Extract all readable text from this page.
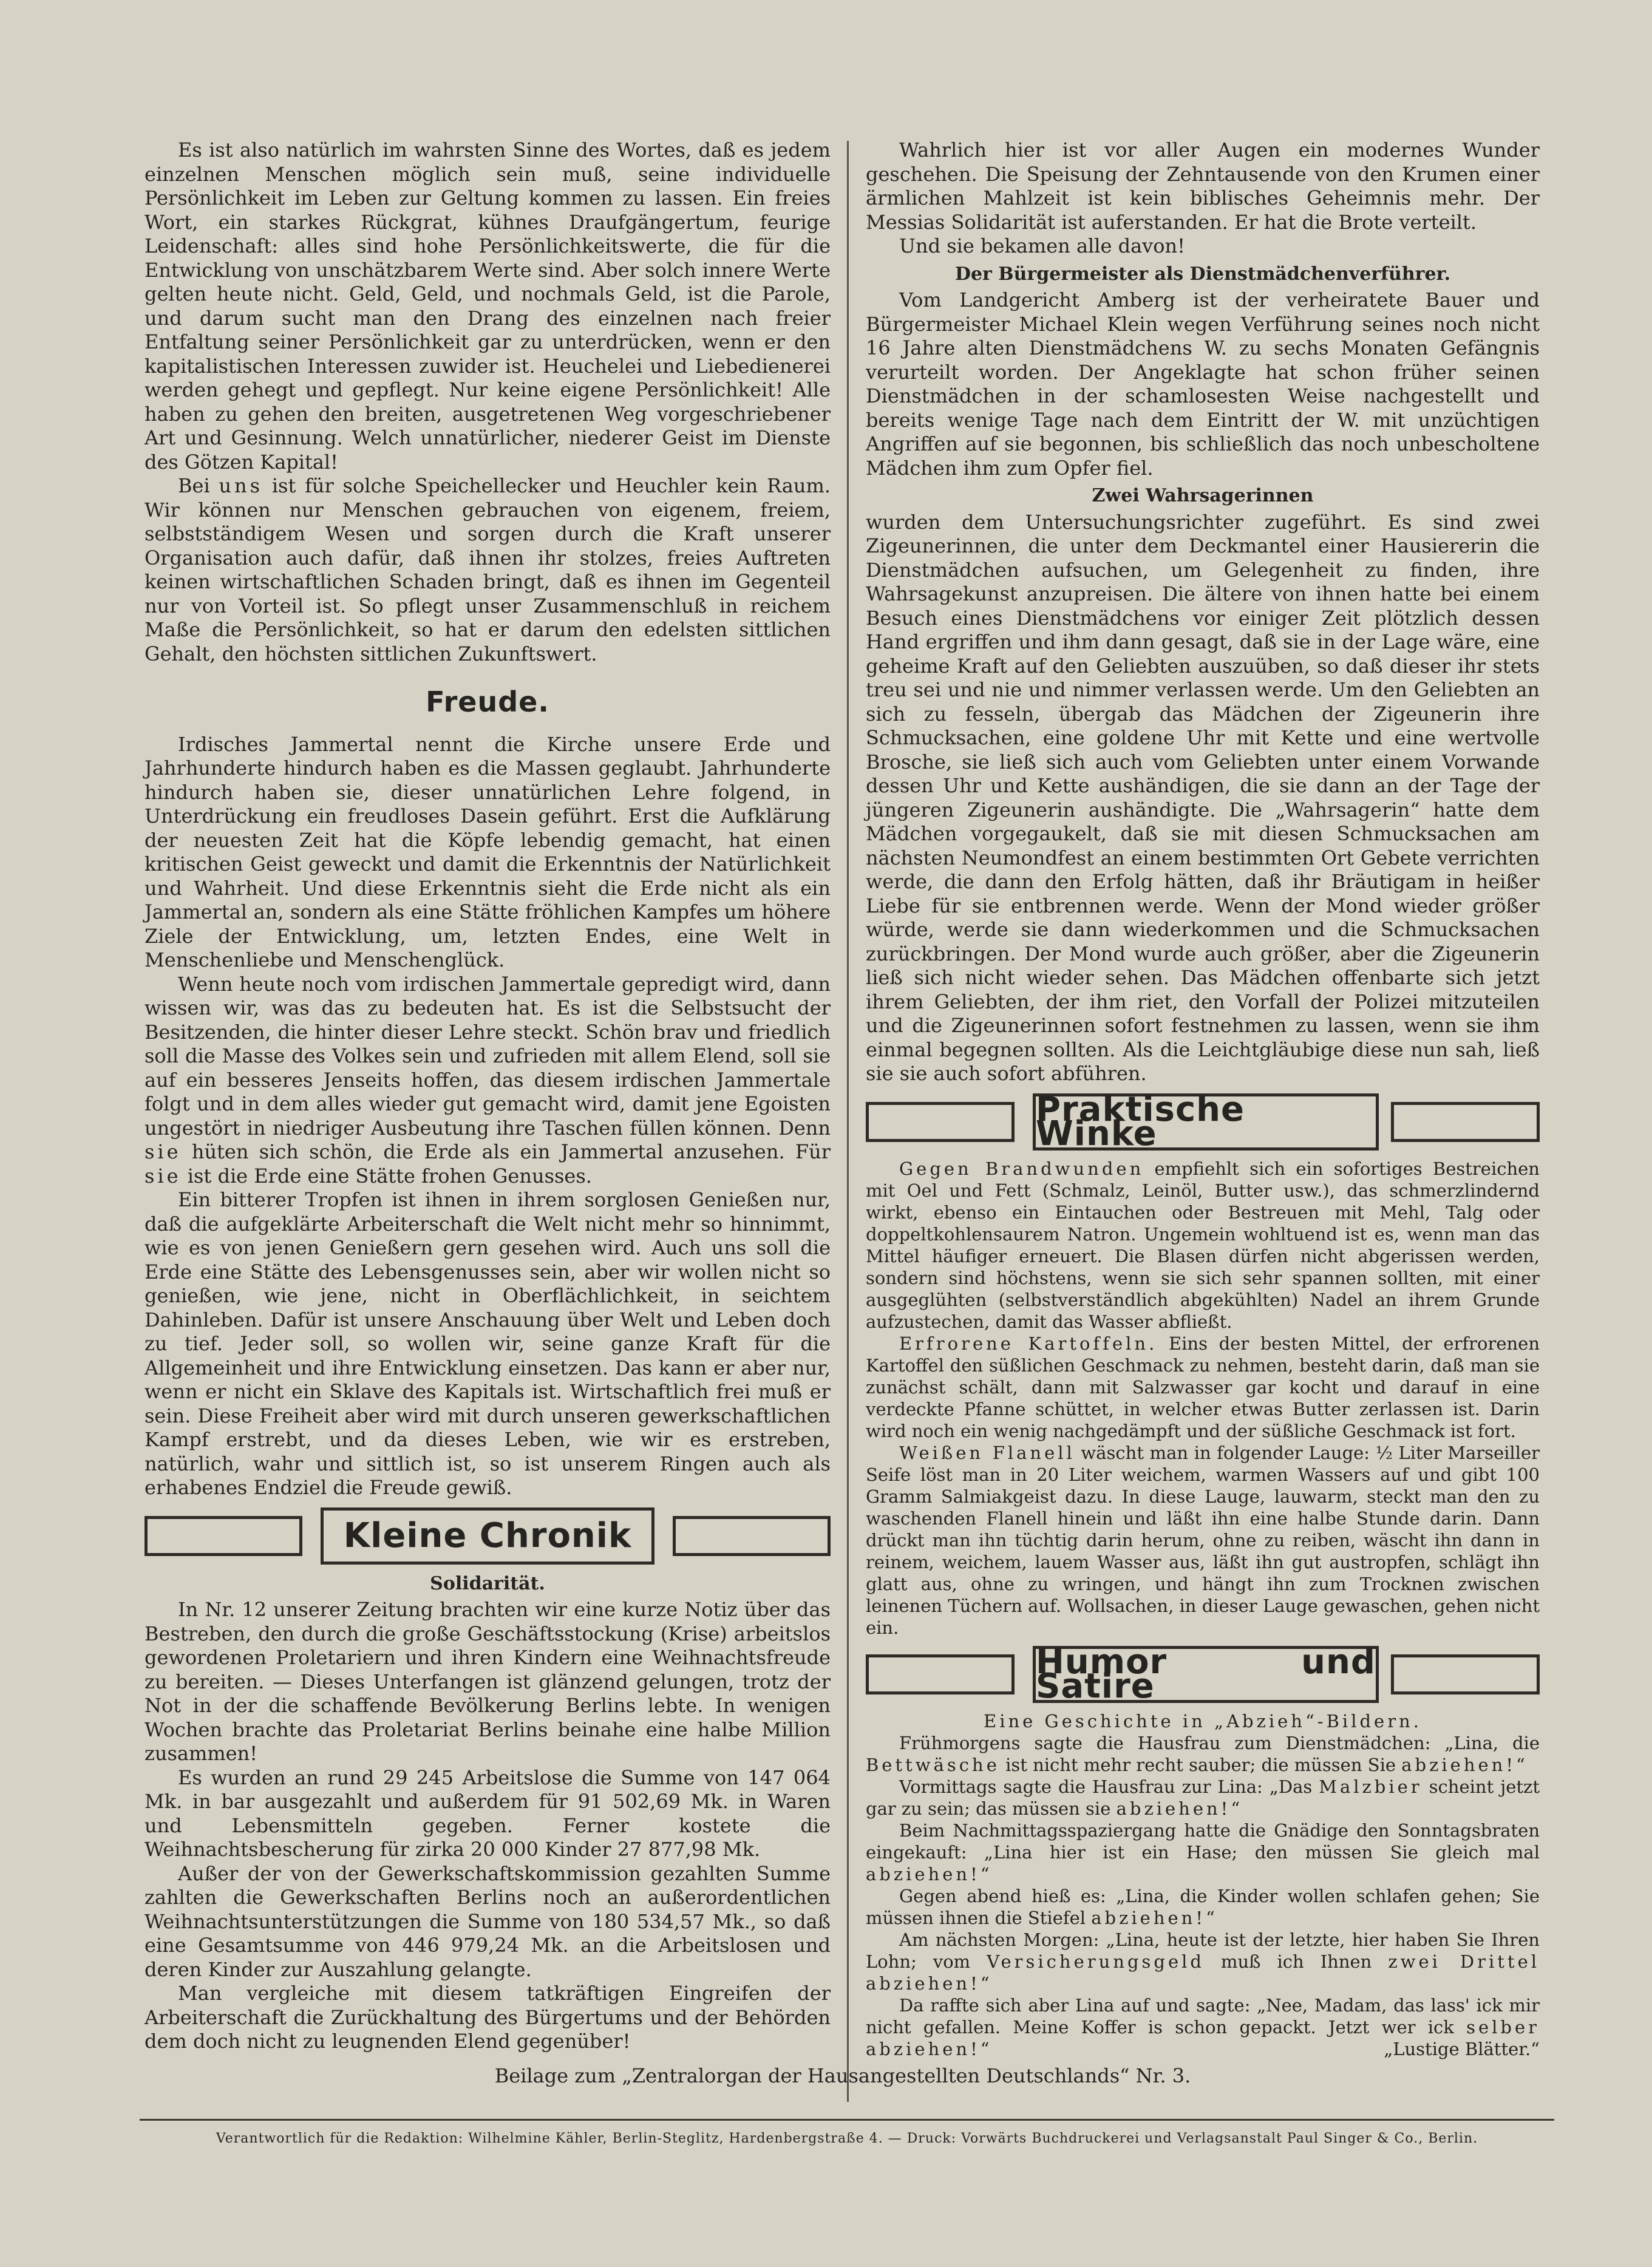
Es ist also natürlich im wahrsten Sinne des Wortes, daß es jedem einzelnen Menschen möglich sein muß, seine individuelle Persönlichkeit im Leben zur Geltung kommen zu lassen. Ein freies Wort, ein starkes Rückgrat, kühnes Draufgängertum, feurige Leidenschaft: alles sind hohe Persönlichkeitswerte, die für die Entwicklung von unschätzbarem Werte sind. Aber solch innere Werte gelten heute nicht. Geld, Geld, und nochmals Geld, ist die Parole, und darum sucht man den Drang des einzelnen nach freier Entfaltung seiner Persönlichkeit gar zu unterdrücken, wenn er den kapitalistischen Interessen zuwider ist. Heuchelei und Liebedienerei werden gehegt und gepflegt. Nur keine eigene Persönlichkeit! Alle haben zu gehen den breiten, ausgetretenen Weg vorgeschriebener Art und Gesinnung. Welch unnatürlicher, niederer Geist im Dienste des Götzen Kapital!

Bei uns ist für solche Speichellecker und Heuchler kein Raum. Wir können nur Menschen gebrauchen von eigenem, freiem, selbstständigem Wesen und sorgen durch die Kraft unserer Organisation auch dafür, daß ihnen ihr stolzes, freies Auftreten keinen wirtschaftlichen Schaden bringt, daß es ihnen im Gegenteil nur von Vorteil ist. So pflegt unser Zusammenschluß in reichem Maße die Persönlichkeit, so hat er darum den edelsten sittlichen Gehalt, den höchsten sittlichen Zukunftswert.

Freude.

Irdisches Jammertal nennt die Kirche unsere Erde und Jahrhunderte hindurch haben es die Massen geglaubt. Jahrhunderte hindurch haben sie, dieser unnatürlichen Lehre folgend, in Unterdrückung ein freudloses Dasein geführt. Erst die Aufklärung der neuesten Zeit hat die Köpfe lebendig gemacht, hat einen kritischen Geist geweckt und damit die Erkenntnis der Natürlichkeit und Wahrheit. Und diese Erkenntnis sieht die Erde nicht als ein Jammertal an, sondern als eine Stätte fröhlichen Kampfes um höhere Ziele der Entwicklung, um, letzten Endes, eine Welt in Menschenliebe und Menschenglück.

Wenn heute noch vom irdischen Jammertale gepredigt wird, dann wissen wir, was das zu bedeuten hat. Es ist die Selbstsucht der Besitzenden, die hinter dieser Lehre steckt. Schön brav und friedlich soll die Masse des Volkes sein und zufrieden mit allem Elend, soll sie auf ein besseres Jenseits hoffen, das diesem irdischen Jammertale folgt und in dem alles wieder gut gemacht wird, damit jene Egoisten ungestört in niedriger Ausbeutung ihre Taschen füllen können. Denn sie hüten sich schön, die Erde als ein Jammertal anzusehen. Für sie ist die Erde eine Stätte frohen Genusses.

Ein bitterer Tropfen ist ihnen in ihrem sorglosen Genießen nur, daß die aufgeklärte Arbeiterschaft die Welt nicht mehr so hinnimmt, wie es von jenen Genießern gern gesehen wird. Auch uns soll die Erde eine Stätte des Lebensgenusses sein, aber wir wollen nicht so genießen, wie jene, nicht in Oberflächlichkeit, in seichtem Dahinleben. Dafür ist unsere Anschauung über Welt und Leben doch zu tief. Jeder soll, so wollen wir, seine ganze Kraft für die Allgemeinheit und ihre Entwicklung einsetzen. Das kann er aber nur, wenn er nicht ein Sklave des Kapitals ist. Wirtschaftlich frei muß er sein. Diese Freiheit aber wird mit durch unseren gewerkschaftlichen Kampf erstrebt, und da dieses Leben, wie wir es erstreben, natürlich, wahr und sittlich ist, so ist unserem Ringen auch als erhabenes Endziel die Freude gewiß.

Kleine Chronik
Solidarität.

In Nr. 12 unserer Zeitung brachten wir eine kurze Notiz über das Bestreben, den durch die große Geschäftsstockung (Krise) arbeitslos gewordenen Proletariern und ihren Kindern eine Weihnachtsfreude zu bereiten. — Dieses Unterfangen ist glänzend gelungen, trotz der Not in der die schaffende Bevölkerung Berlins lebte. In wenigen Wochen brachte das Proletariat Berlins beinahe eine halbe Million zusammen!

Es wurden an rund 29 245 Arbeitslose die Summe von 147 064 Mk. in bar ausgezahlt und außerdem für 91 502,69 Mk. in Waren und Lebensmitteln gegeben. Ferner kostete die Weihnachtsbescherung für zirka 20 000 Kinder 27 877,98 Mk.

Außer der von der Gewerkschaftskommission gezahlten Summe zahlten die Gewerkschaften Berlins noch an außerordentlichen Weihnachtsunterstützungen die Summe von 180 534,57 Mk., so daß eine Gesamtsumme von 446 979,24 Mk. an die Arbeitslosen und deren Kinder zur Auszahlung gelangte.

Man vergleiche mit diesem tatkräftigen Eingreifen der Arbeiterschaft die Zurückhaltung des Bürgertums und der Behörden dem doch nicht zu leugnenden Elend gegenüber!

Wahrlich hier ist vor aller Augen ein modernes Wunder geschehen. Die Speisung der Zehntausende von den Krumen einer ärmlichen Mahlzeit ist kein biblisches Geheimnis mehr. Der Messias Solidarität ist auferstanden. Er hat die Brote verteilt.

Und sie bekamen alle davon!

Der Bürgermeister als Dienstmädchenverführer.

Vom Landgericht Amberg ist der verheiratete Bauer und Bürgermeister Michael Klein wegen Verführung seines noch nicht 16 Jahre alten Dienstmädchens W. zu sechs Monaten Gefängnis verurteilt worden. Der Angeklagte hat schon früher seinen Dienstmädchen in der schamlosesten Weise nachgestellt und bereits wenige Tage nach dem Eintritt der W. mit unzüchtigen Angriffen auf sie begonnen, bis schließlich das noch unbescholtene Mädchen ihm zum Opfer fiel.

Zwei Wahrsagerinnen

wurden dem Untersuchungsrichter zugeführt. Es sind zwei Zigeunerinnen, die unter dem Deckmantel einer Hausiererin die Dienstmädchen aufsuchen, um Gelegenheit zu finden, ihre Wahrsagekunst anzupreisen. Die ältere von ihnen hatte bei einem Besuch eines Dienstmädchens vor einiger Zeit plötzlich dessen Hand ergriffen und ihm dann gesagt, daß sie in der Lage wäre, eine geheime Kraft auf den Geliebten auszuüben, so daß dieser ihr stets treu sei und nie und nimmer verlassen werde. Um den Geliebten an sich zu fesseln, übergab das Mädchen der Zigeunerin ihre Schmucksachen, eine goldene Uhr mit Kette und eine wertvolle Brosche, sie ließ sich auch vom Geliebten unter einem Vorwande dessen Uhr und Kette aushändigen, die sie dann an der Tage der jüngeren Zigeunerin aushändigte. Die „Wahrsagerin“ hatte dem Mädchen vorgegaukelt, daß sie mit diesen Schmucksachen am nächsten Neumondfest an einem bestimmten Ort Gebete verrichten werde, die dann den Erfolg hätten, daß ihr Bräutigam in heißer Liebe für sie entbrennen werde. Wenn der Mond wieder größer würde, werde sie dann wiederkommen und die Schmucksachen zurückbringen. Der Mond wurde auch größer, aber die Zigeunerin ließ sich nicht wieder sehen. Das Mädchen offenbarte sich jetzt ihrem Geliebten, der ihm riet, den Vorfall der Polizei mitzuteilen und die Zigeunerinnen sofort festnehmen zu lassen, wenn sie ihm einmal begegnen sollten. Als die Leichtgläubige diese nun sah, ließ sie sie auch sofort abführen.

Praktische Winke

Gegen Brandwunden empfiehlt sich ein sofortiges Bestreichen mit Oel und Fett (Schmalz, Leinöl, Butter usw.), das schmerzlindernd wirkt, ebenso ein Eintauchen oder Bestreuen mit Mehl, Talg oder doppeltkohlensaurem Natron. Ungemein wohltuend ist es, wenn man das Mittel häufiger erneuert. Die Blasen dürfen nicht abgerissen werden, sondern sind höchstens, wenn sie sich sehr spannen sollten, mit einer ausgeglühten (selbstverständlich abgekühlten) Nadel an ihrem Grunde aufzustechen, damit das Wasser abfließt.

Erfrorene Kartoffeln. Eins der besten Mittel, der erfrorenen Kartoffel den süßlichen Geschmack zu nehmen, besteht darin, daß man sie zunächst schält, dann mit Salzwasser gar kocht und darauf in eine verdeckte Pfanne schüttet, in welcher etwas Butter zerlassen ist. Darin wird noch ein wenig nachgedämpft und der süßliche Geschmack ist fort.

Weißen Flanell wäscht man in folgender Lauge: ½ Liter Marseiller Seife löst man in 20 Liter weichem, warmen Wassers auf und gibt 100 Gramm Salmiakgeist dazu. In diese Lauge, lauwarm, steckt man den zu waschenden Flanell hinein und läßt ihn eine halbe Stunde darin. Dann drückt man ihn tüchtig darin herum, ohne zu reiben, wäscht ihn dann in reinem, weichem, lauem Wasser aus, läßt ihn gut austropfen, schlägt ihn glatt aus, ohne zu wringen, und hängt ihn zum Trocknen zwischen leinenen Tüchern auf. Wollsachen, in dieser Lauge gewaschen, gehen nicht ein.

Humor und Satire
Eine Geschichte in „Abzieh“-Bildern.

Frühmorgens sagte die Hausfrau zum Dienstmädchen: „Lina, die Bettwäsche ist nicht mehr recht sauber; die müssen Sie abziehen!“

Vormittags sagte die Hausfrau zur Lina: „Das Malzbier scheint jetzt gar zu sein; das müssen sie abziehen!“

Beim Nachmittagsspaziergang hatte die Gnädige den Sonntagsbraten eingekauft: „Lina hier ist ein Hase; den müssen Sie gleich mal abziehen!“

Gegen abend hieß es: „Lina, die Kinder wollen schlafen gehen; Sie müssen ihnen die Stiefel abziehen!“

Am nächsten Morgen: „Lina, heute ist der letzte, hier haben Sie Ihren Lohn; vom Versicherungsgeld muß ich Ihnen zwei Drittel abziehen!“

Da raffte sich aber Lina auf und sagte: „Nee, Madam, das lass' ick mir nicht gefallen. Meine Koffer is schon gepackt. Jetzt wer ick selber abziehen!“	„Lustige Blätter.“

Beilage zum „Zentralorgan der Hausangestellten Deutschlands“ Nr. 3.
Verantwortlich für die Redaktion: Wilhelmine Kähler, Berlin-Steglitz, Hardenbergstraße 4. — Druck: Vorwärts Buchdruckerei und Verlagsanstalt Paul Singer & Co., Berlin.
